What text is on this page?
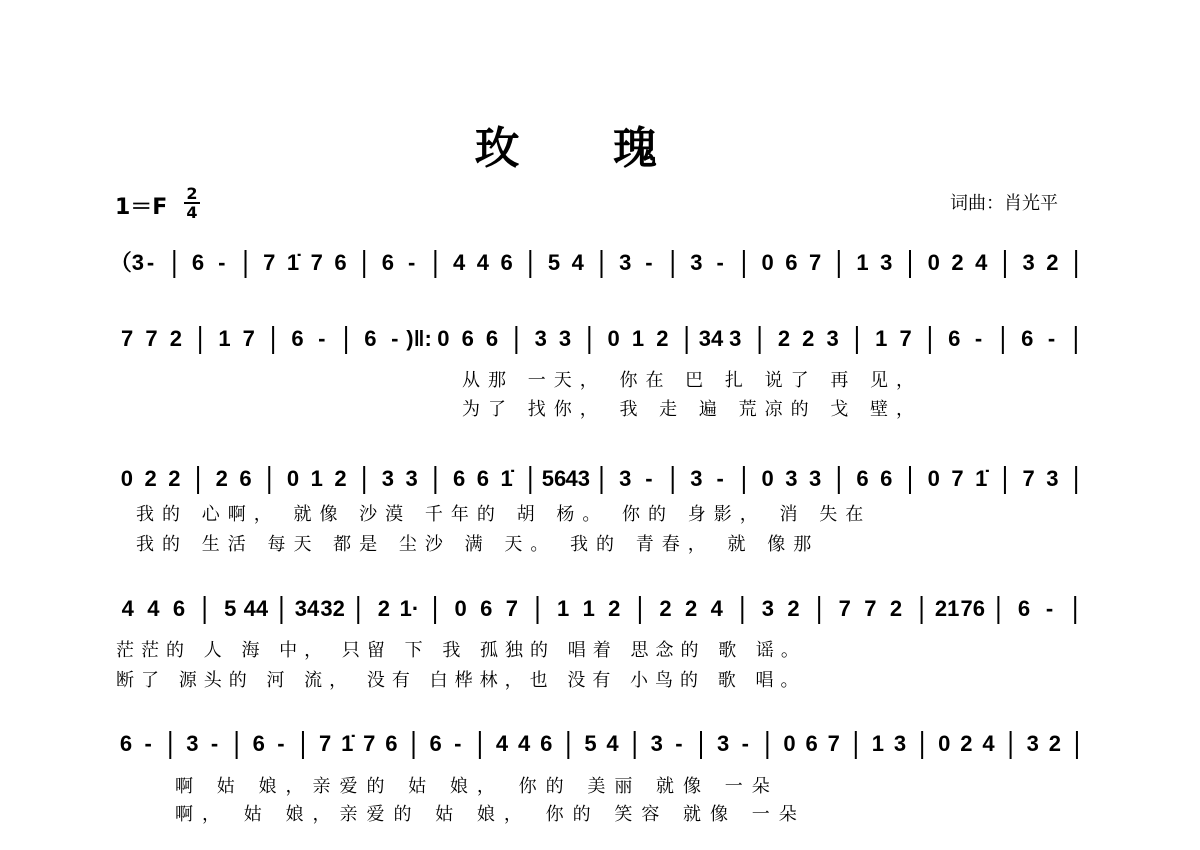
玫　　瑰
1＝F
2
4	词曲：肖光平
从那 一天， 你在 巴 扎 说了 再 见，
为了 找你， 我 走 遍 荒凉的 戈 壁，
我的 心啊， 就像 沙漠 千年的 胡 杨。 你的 身影， 消 失在
我的 生活 每天 都是 尘沙 满 天。 我的 青春， 就 像那
茫茫的 人 海 中， 只留 下 我 孤独的 唱着 思念的 歌 谣。
断了 源头的 河 流， 没有 白桦林，也 没有 小鸟的 歌 唱。
啊 姑 娘，亲爱的 姑 娘， 你的 美丽 就像 一朵
啊， 姑 娘，亲爱的 姑 娘， 你的 笑容 就像 一朵
（3 - 6 - 7 1̇ 7 6 6 - 4 4 6 5 4 3 - 3 - 0 6 7 1 3 0 2 4 3 2
7 7 2 1 7 6 - 6 - )‖: 0 6 6 3 3 0 1 2 34 3 2 2 3 1 7 6 - 6 -
0 2 2 2 6 0 1 2 3 3 6 6 1̇ 56 43 3 - 3 - 0 3 3 6 6 0 7 1̇ 7 3
4 4 6 5 44 34 32 2 1· 0 6 7 1 1 2 2 2 4 3 2 7 7 2 21 76 6 -
6 - 3 - 6 - 7 1̇ 7 6 6 - 4 4 6 5 4 3 - 3 - 0 6 7 1 3 0 2 4 3 2
